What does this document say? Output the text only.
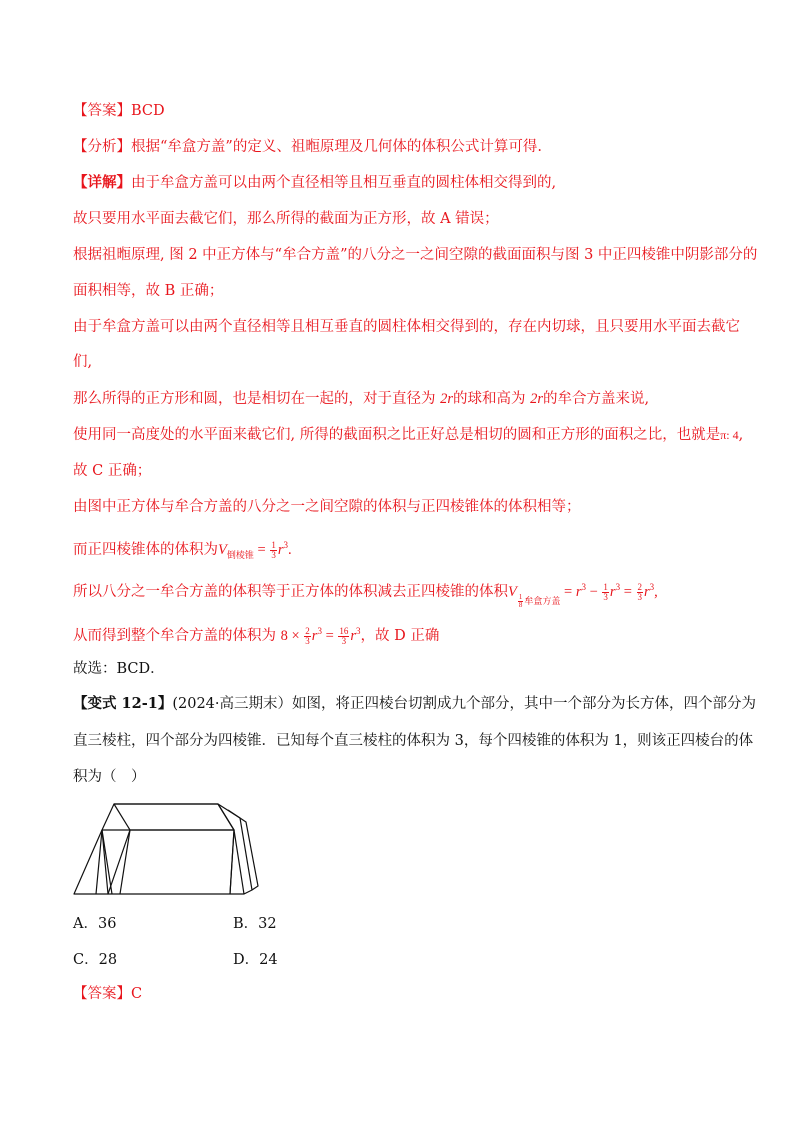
【答案】BCD
【分析】根据“牟盒方盖”的定义、祖暅原理及几何体的体积公式计算可得.
【详解】由于牟盒方盖可以由两个直径相等且相互垂直的圆柱体相交得到的,
故只要用水平面去截它们，那么所得的截面为正方形，故 A 错误；
根据祖暅原理, 图 2 中正方体与“牟合方盖”的八分之一之间空隙的截面面积与图 3 中正四棱锥中阴影部分的
面积相等，故 B 正确；
由于牟盒方盖可以由两个直径相等且相互垂直的圆柱体相交得到的，存在内切球，且只要用水平面去截它
们,
那么所得的正方形和圆，也是相切在一起的，对于直径为 2r的球和高为 2r的牟合方盖来说,
使用同一高度处的水平面来截它们, 所得的截面积之比正好总是相切的圆和正方形的面积之比，也就是π: 4,
故 C 正确；
由图中正方体与牟合方盖的八分之一之间空隙的体积与正四棱锥体的体积相等；
而正四棱锥体的体积为$V_{倒棱锥} = \frac{1}{3} r^3$.
所以八分之一牟合方盖的体积等于正方体的体积减去正四棱锥的体积V
$_{\frac{1}{8} 牟盒方盖} = r^3 - \frac{1}{3} r^3 = \frac{2}{3} r^3$,
从而得到整个牟合方盖的体积为 $8 \times \frac{2}{3} r^3 = \frac{16}{3} r^3$，故 D 正确
故选：BCD．
【变式 12-1】(2024·高三期末）如图，将正四棱台切割成九个部分，其中一个部分为长方体，四个部分为
直三棱柱，四个部分为四棱锥．已知每个直三棱柱的体积为 3，每个四棱锥的体积为 1，则该正四棱台的体
积为（　）
A．36	B．32
C．28	D．24
【答案】C
